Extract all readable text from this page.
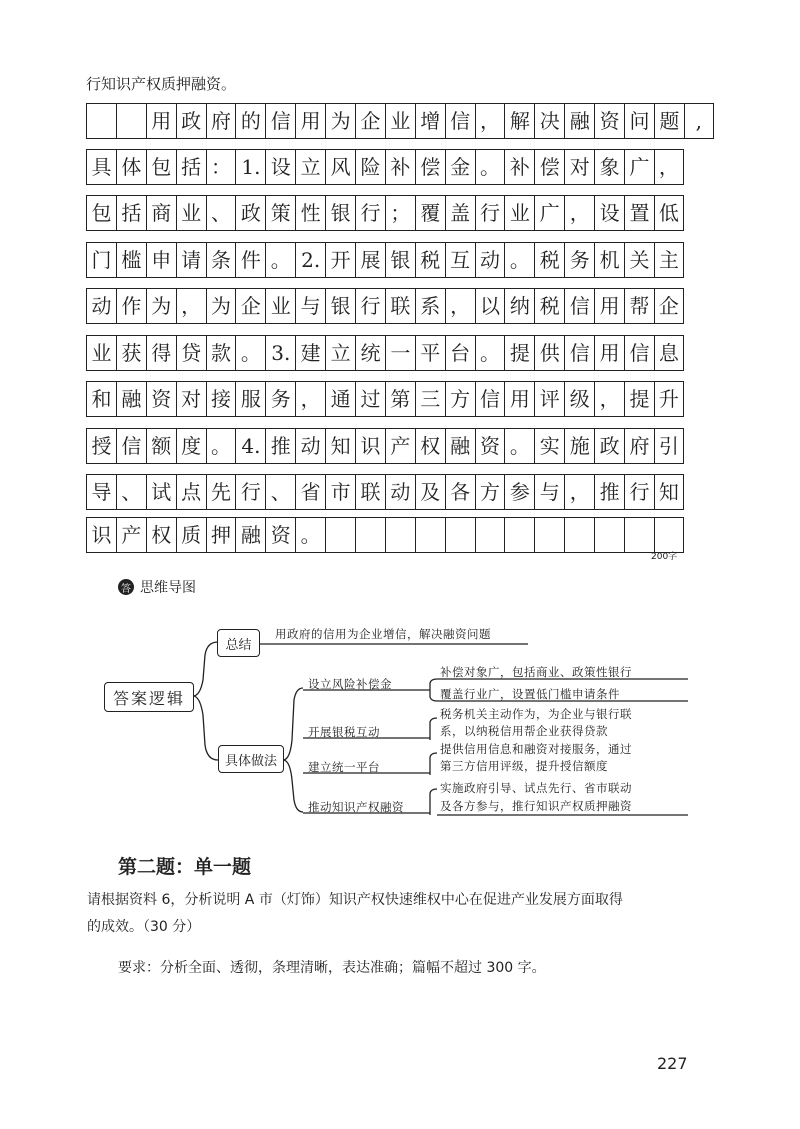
行知识产权质押融资。
用 政 府 的 信 用 为 企 业 增 信 ， 解 决 融 资 问 题 ,
具 体 包 括 ： 1. 设 立 风 险 补 偿 金 。 补 偿 对 象 广 ，
包 括 商 业 、 政 策 性 银 行 ； 覆 盖 行 业 广 ， 设 置 低
门 槛 申 请 条 件 。 2. 开 展 银 税 互 动 。 税 务 机 关 主
动 作 为 ， 为 企 业 与 银 行 联 系 ， 以 纳 税 信 用 帮 企
业 获 得 贷 款 。 3. 建 立 统 一 平 台 。 提 供 信 用 信 息
和 融 资 对 接 服 务 ， 通 过 第 三 方 信 用 评 级 ， 提 升
授 信 额 度 。 4. 推 动 知 识 产 权 融 资 。 实 施 政 府 引
导 、 试 点 先 行 、 省 市 联 动 及 各 方 参 与 ， 推 行 知
识 产 权 质 押 融 资 。
200字
答 思维导图
答案逻辑
总结
用政府的信用为企业增信，解决融资问题
具体做法
设立风险补偿金
补偿对象广，包括商业、政策性银行
覆盖行业广，设置低门槛申请条件
开展银税互动
税务机关主动作为，为企业与银行联
系，以纳税信用帮企业获得贷款
建立统一平台
提供信用信息和融资对接服务，通过
第三方信用评级，提升授信额度
推动知识产权融资
实施政府引导、试点先行、省市联动
及各方参与，推行知识产权质押融资
第二题：单一题
请根据资料 6，分析说明 A 市（灯饰）知识产权快速维权中心在促进产业发展方面取得
的成效。（30 分）
要求：分析全面、透彻，条理清晰，表达准确；篇幅不超过 300 字。
227
